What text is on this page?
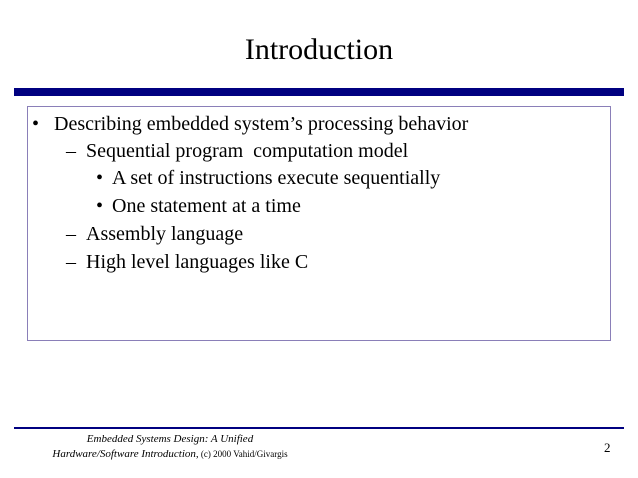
Introduction
• Describing embedded system’s processing behavior
– Sequential program  computation model
• A set of instructions execute sequentially
• One statement at a time
– Assembly language
– High level languages like C
Embedded Systems Design: A Unified
Hardware/Software Introduction, (c) 2000 Vahid/Givargis	2
